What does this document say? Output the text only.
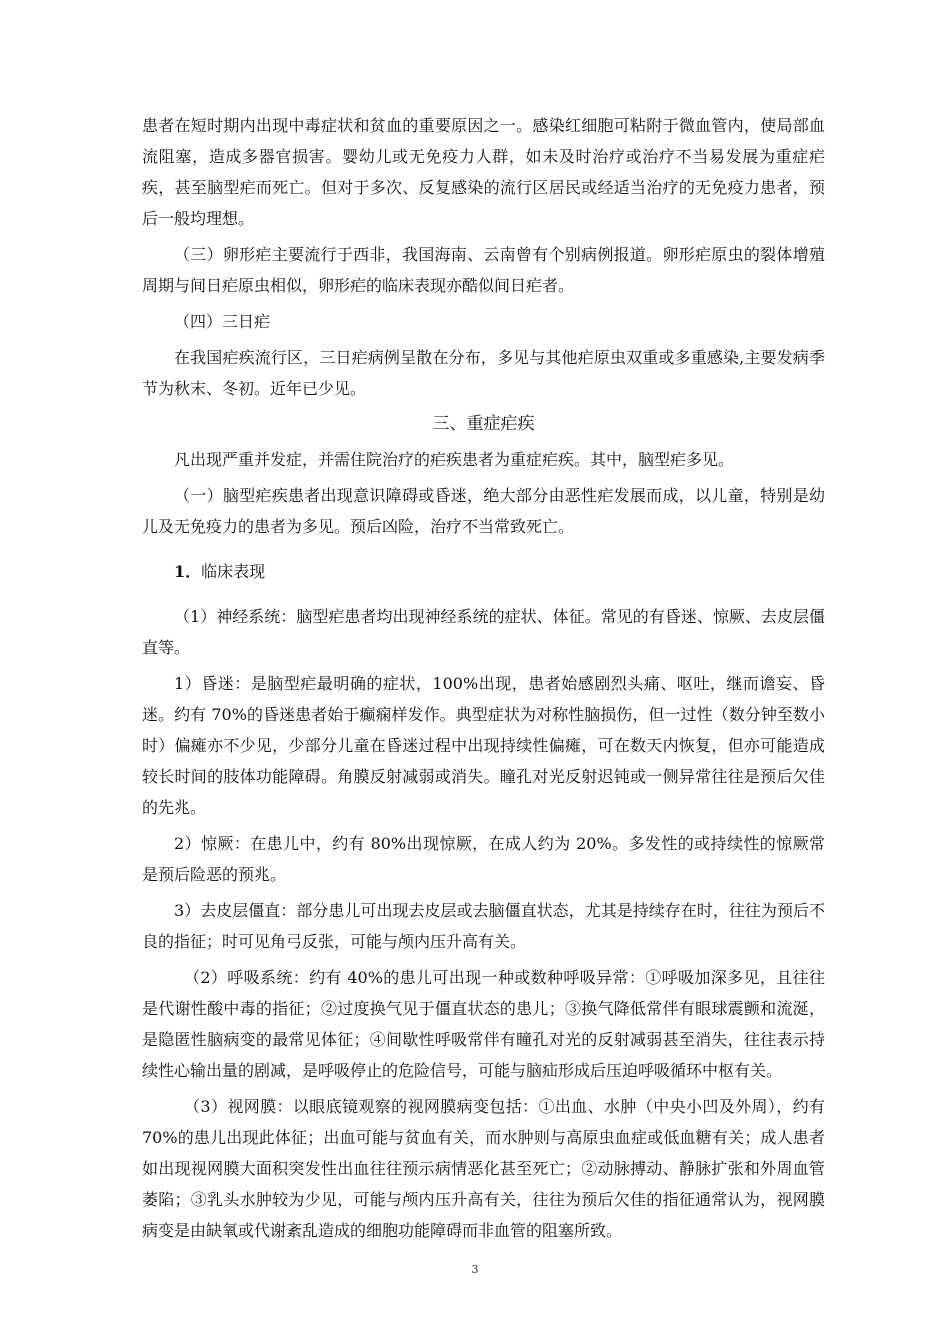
患者在短时期内出现中毒症状和贫血的重要原因之一。感染红细胞可粘附于微血管内，使局部血流阻塞，造成多器官损害。婴幼儿或无免疫力人群，如未及时治疗或治疗不当易发展为重症疟疾，甚至脑型疟而死亡。但对于多次、反复感染的流行区居民或经适当治疗的无免疫力患者，预后一般均理想。

（三）卵形疟主要流行于西非，我国海南、云南曾有个别病例报道。卵形疟原虫的裂体增殖周期与间日疟原虫相似，卵形疟的临床表现亦酷似间日疟者。

（四）三日疟

在我国疟疾流行区，三日疟病例呈散在分布，多见与其他疟原虫双重或多重感染,主要发病季节为秋末、冬初。近年已少见。

三、重症疟疾

凡出现严重并发症，并需住院治疗的疟疾患者为重症疟疾。其中，脑型疟多见。

（一）脑型疟疾患者出现意识障碍或昏迷，绝大部分由恶性疟发展而成，以儿童，特别是幼儿及无免疫力的患者为多见。预后凶险，治疗不当常致死亡。

1．临床表现

（1）神经系统：脑型疟患者均出现神经系统的症状、体征。常见的有昏迷、惊厥、去皮层僵直等。

1）昏迷：是脑型疟最明确的症状，100%出现，患者始感剧烈头痛、呕吐，继而谵妄、昏迷。约有 70%的昏迷患者始于癫痫样发作。典型症状为对称性脑损伤，但一过性（数分钟至数小时）偏瘫亦不少见，少部分儿童在昏迷过程中出现持续性偏瘫，可在数天内恢复，但亦可能造成较长时间的肢体功能障碍。角膜反射减弱或消失。瞳孔对光反射迟钝或一侧异常往往是预后欠佳的先兆。

2）惊厥：在患儿中，约有 80%出现惊厥，在成人约为 20%。多发性的或持续性的惊厥常是预后险恶的预兆。

3）去皮层僵直：部分患儿可出现去皮层或去脑僵直状态，尤其是持续存在时，往往为预后不良的指征；时可见角弓反张，可能与颅内压升高有关。

（2）呼吸系统：约有 40%的患儿可出现一种或数种呼吸异常：①呼吸加深多见，且往往是代谢性酸中毒的指征；②过度换气见于僵直状态的患儿；③换气降低常伴有眼球震颤和流涎，是隐匿性脑病变的最常见体征；④间歇性呼吸常伴有瞳孔对光的反射减弱甚至消失，往往表示持续性心输出量的剧减，是呼吸停止的危险信号，可能与脑疝形成后压迫呼吸循环中枢有关。

（3）视网膜：以眼底镜观察的视网膜病变包括：①出血、水肿（中央小凹及外周），约有 70%的患儿出现此体征；出血可能与贫血有关，而水肿则与高原虫血症或低血糖有关；成人患者如出现视网膜大面积突发性出血往往预示病情恶化甚至死亡；②动脉搏动、静脉扩张和外周血管萎陷；③乳头水肿较为少见，可能与颅内压升高有关，往往为预后欠佳的指征通常认为，视网膜病变是由缺氧或代谢紊乱造成的细胞功能障碍而非血管的阻塞所致。

3
